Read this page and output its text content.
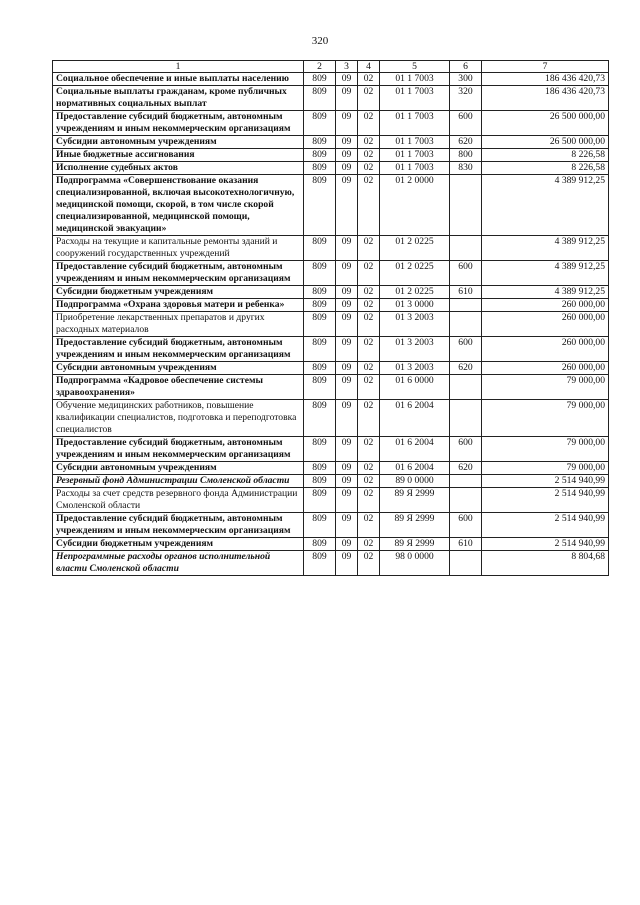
320
1	2	3	4	5	6	7
Социальное обеспечение и иные выплаты населению	809	09	02	01 1 7003	300	186 436 420,73
Социальные выплаты гражданам, кроме публичных нормативных социальных выплат	809	09	02	01 1 7003	320	186 436 420,73
Предоставление субсидий бюджетным, автономным учреждениям и иным некоммерческим организациям	809	09	02	01 1 7003	600	26 500 000,00
Субсидии автономным учреждениям	809	09	02	01 1 7003	620	26 500 000,00
Иные бюджетные ассигнования	809	09	02	01 1 7003	800	8 226,58
Исполнение судебных актов	809	09	02	01 1 7003	830	8 226,58
Подпрограмма «Совершенствование оказания специализированной, включая высокотехнологичную, медицинской помощи, скорой, в том числе скорой специализированной, медицинской помощи, медицинской эвакуации»	809	09	02	01 2 0000		4 389 912,25
Расходы на текущие и капитальные ремонты зданий и сооружений государственных учреждений	809	09	02	01 2 0225		4 389 912,25
Предоставление субсидий бюджетным, автономным учреждениям и иным некоммерческим организациям	809	09	02	01 2 0225	600	4 389 912,25
Субсидии бюджетным учреждениям	809	09	02	01 2 0225	610	4 389 912,25
Подпрограмма «Охрана здоровья матери и ребенка»	809	09	02	01 3 0000		260 000,00
Приобретение лекарственных препаратов и других расходных материалов	809	09	02	01 3 2003		260 000,00
Предоставление субсидий бюджетным, автономным учреждениям и иным некоммерческим организациям	809	09	02	01 3 2003	600	260 000,00
Субсидии автономным учреждениям	809	09	02	01 3 2003	620	260 000,00
Подпрограмма «Кадровое обеспечение системы здравоохранения»	809	09	02	01 6 0000		79 000,00
Обучение медицинских работников, повышение квалификации специалистов, подготовка и переподготовка специалистов	809	09	02	01 6 2004		79 000,00
Предоставление субсидий бюджетным, автономным учреждениям и иным некоммерческим организациям	809	09	02	01 6 2004	600	79 000,00
Субсидии автономным учреждениям	809	09	02	01 6 2004	620	79 000,00
Резервный фонд Администрации Смоленской области	809	09	02	89 0 0000		2 514 940,99
Расходы за счет средств резервного фонда Администрации Смоленской области	809	09	02	89 Я 2999		2 514 940,99
Предоставление субсидий бюджетным, автономным учреждениям и иным некоммерческим организациям	809	09	02	89 Я 2999	600	2 514 940,99
Субсидии бюджетным учреждениям	809	09	02	89 Я 2999	610	2 514 940,99
Непрограммные расходы органов исполнительной власти Смоленской области	809	09	02	98 0 0000		8 804,68
